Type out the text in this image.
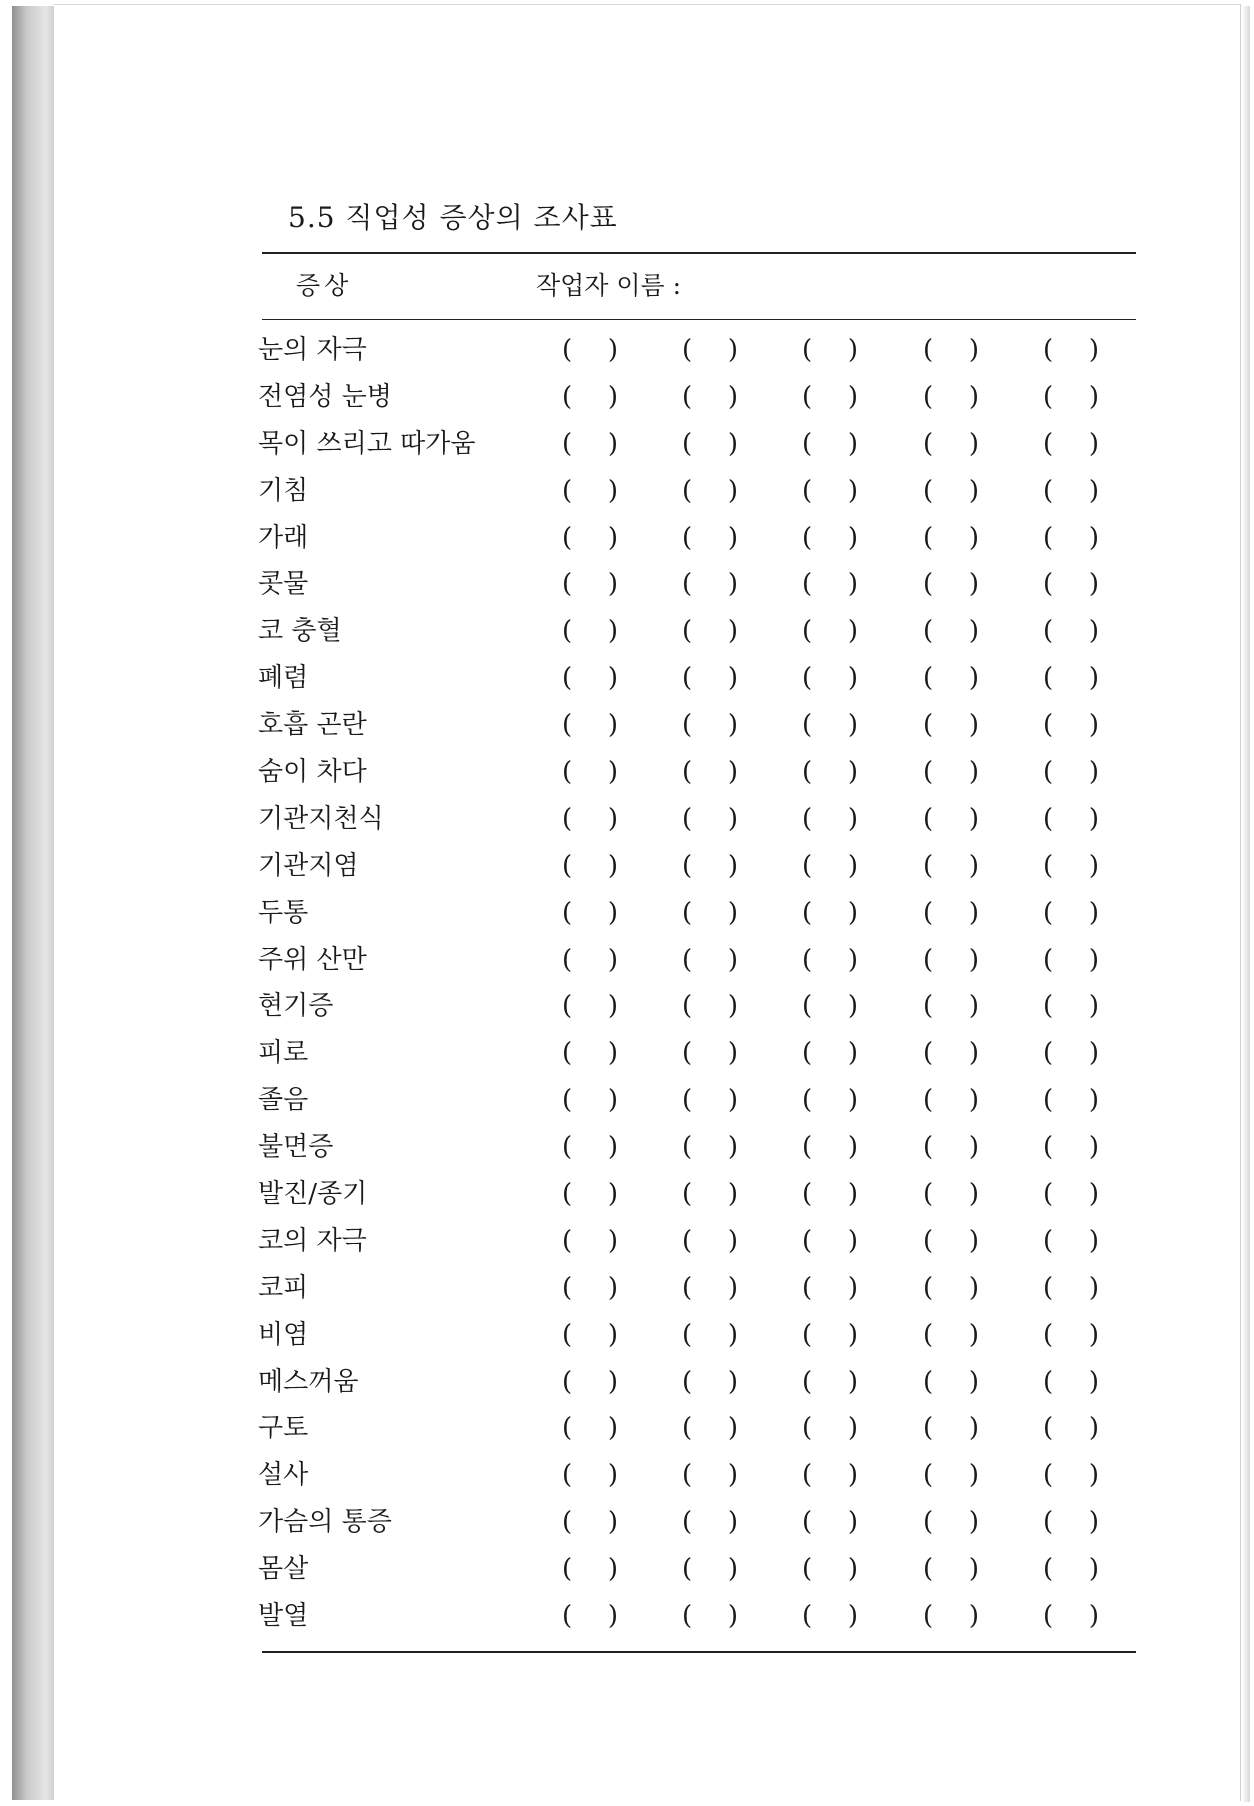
5.5 직업성 증상의 조사표
증상	작업자 이름 :
눈의 자극	( ) ( ) ( )	( ) ( )
전염성 눈병	( ) ( ) ( )	( ) ( )
목이 쓰리고 따가움	( ) ( ) ( )	( ) ( )
기침	( ) ( ) ( )	( ) ( )
가래	( ) ( ) ( )	( ) ( )
콧물	( ) ( ) ( )	( ) ( )
코 충혈	( ) ( ) ( )	( ) ( )
폐렴	( ) ( ) ( )	( ) ( )
호흡 곤란	( ) ( ) ( )	( ) ( )
숨이 차다	( ) ( ) ( )	( ) ( )
기관지천식	( ) ( ) ( )	( ) ( )
기관지염	( ) ( ) ( )	( ) ( )
두통	( ) ( ) ( )	( ) ( )
주위 산만	( ) ( ) ( )	( ) ( )
현기증	( ) ( ) ( )	( ) ( )
피로	( ) ( ) ( )	( ) ( )
졸음	( ) ( ) ( )	( ) ( )
불면증	( ) ( ) ( )	( ) ( )
발진/종기	( ) ( ) ( )	( ) ( )
코의 자극	( ) ( ) ( )	( ) ( )
코피	( ) ( ) ( )	( ) ( )
비염	( ) ( ) ( )	( ) ( )
메스꺼움	( ) ( ) ( )	( ) ( )
구토	( ) ( ) ( )	( ) ( )
설사	( ) ( ) ( )	( ) ( )
가슴의 통증	( ) ( ) ( )	( ) ( )
몸살	( ) ( ) ( )	( ) ( )
발열	( ) ( ) ( )	( ) ( )
